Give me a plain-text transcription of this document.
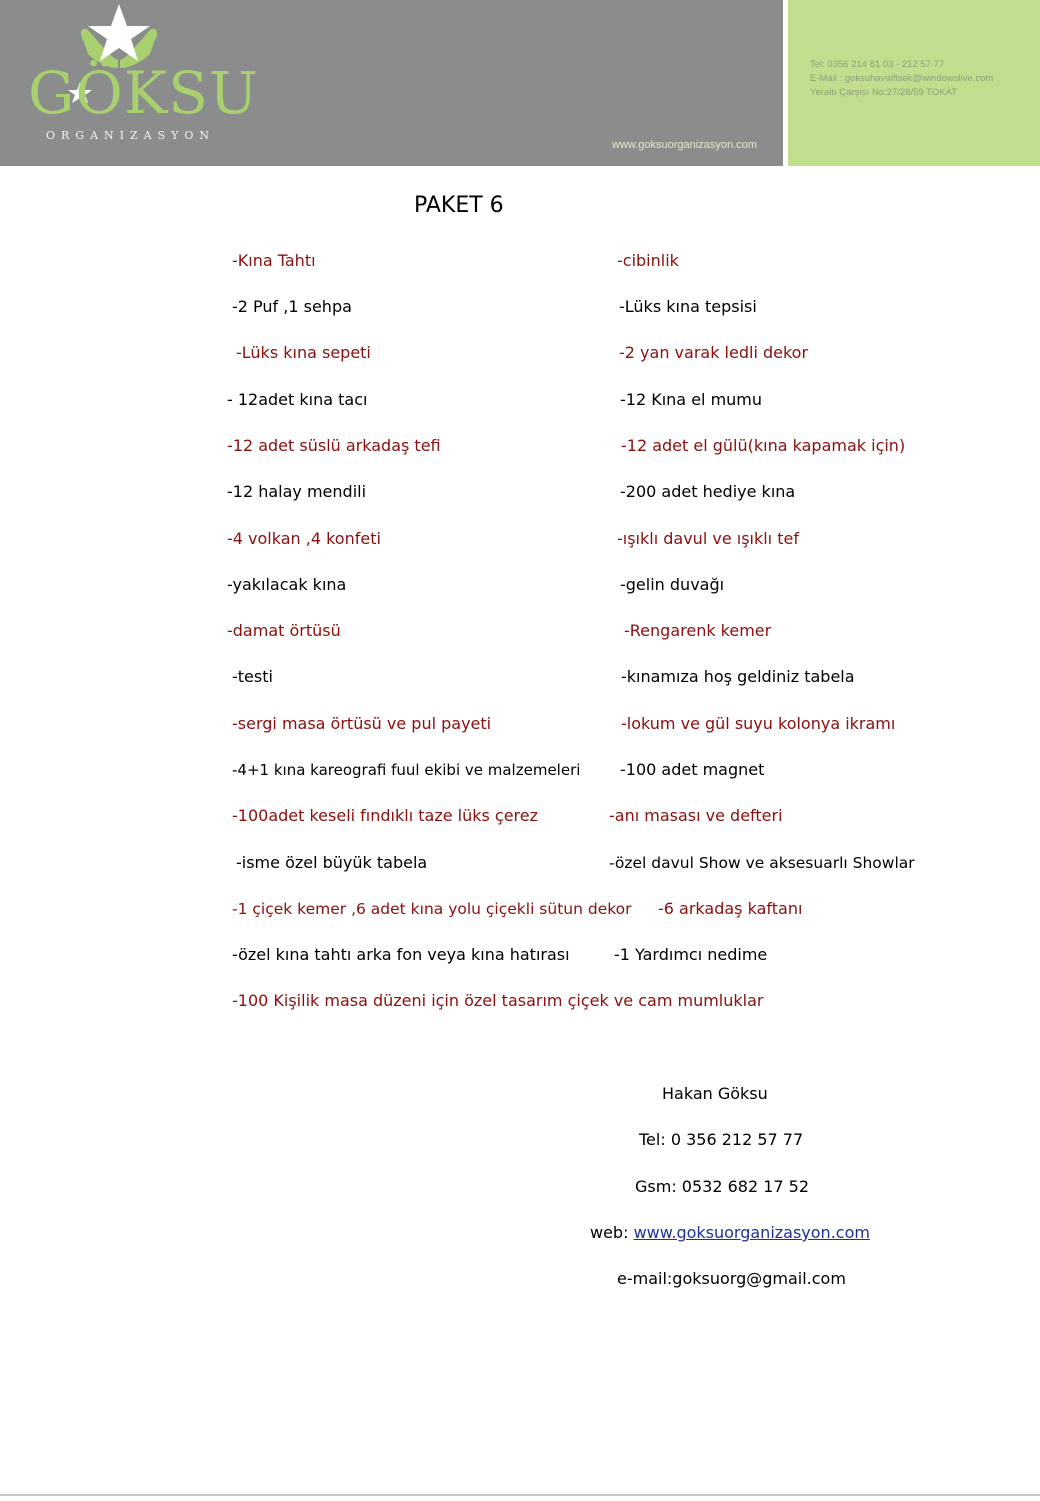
GÖKSU
ORGANIZASYON
www.goksuorganizasyon.com
Tel: 0356 214 81 03 - 212 57 77
E-Mail : goksuhavaifisek@windowslive.com
Yeraltı Çarşısı No:27/28/59 TOKAT
PAKET 6
-Kına Tahtı	-cibinlik
-2 Puf ,1 sehpa	-Lüks kına tepsisi
-Lüks kına sepeti	-2 yan varak ledli dekor
- 12adet kına tacı	-12 Kına el mumu
-12 adet süslü arkadaş tefi	-12 adet el gülü(kına kapamak için)
-12 halay mendili	-200 adet hediye kına
-4 volkan ,4 konfeti	-ışıklı davul ve ışıklı tef
-yakılacak kına	-gelin duvağı
-damat örtüsü	-Rengarenk kemer
-testi	-kınamıza hoş geldiniz tabela
-sergi masa örtüsü ve pul payeti	-lokum ve gül suyu kolonya ikramı
-4+1 kına kareografi fuul ekibi ve malzemeleri -100 adet magnet
-100adet keseli fındıklı taze lüks çerez	-anı masası ve defteri
-isme özel büyük tabela	-özel davul Show ve aksesuarlı Showlar
-1 çiçek kemer ,6 adet kına yolu çiçekli sütun dekor -6 arkadaş kaftanı
-özel kına tahtı arka fon veya kına hatırası	-1 Yardımcı nedime
-100 Kişilik masa düzeni için özel tasarım çiçek ve cam mumluklar
Hakan Göksu
Tel: 0 356 212 57 77
Gsm: 0532 682 17 52
web: www.goksuorganizasyon.com
e-mail:goksuorg@gmail.com
